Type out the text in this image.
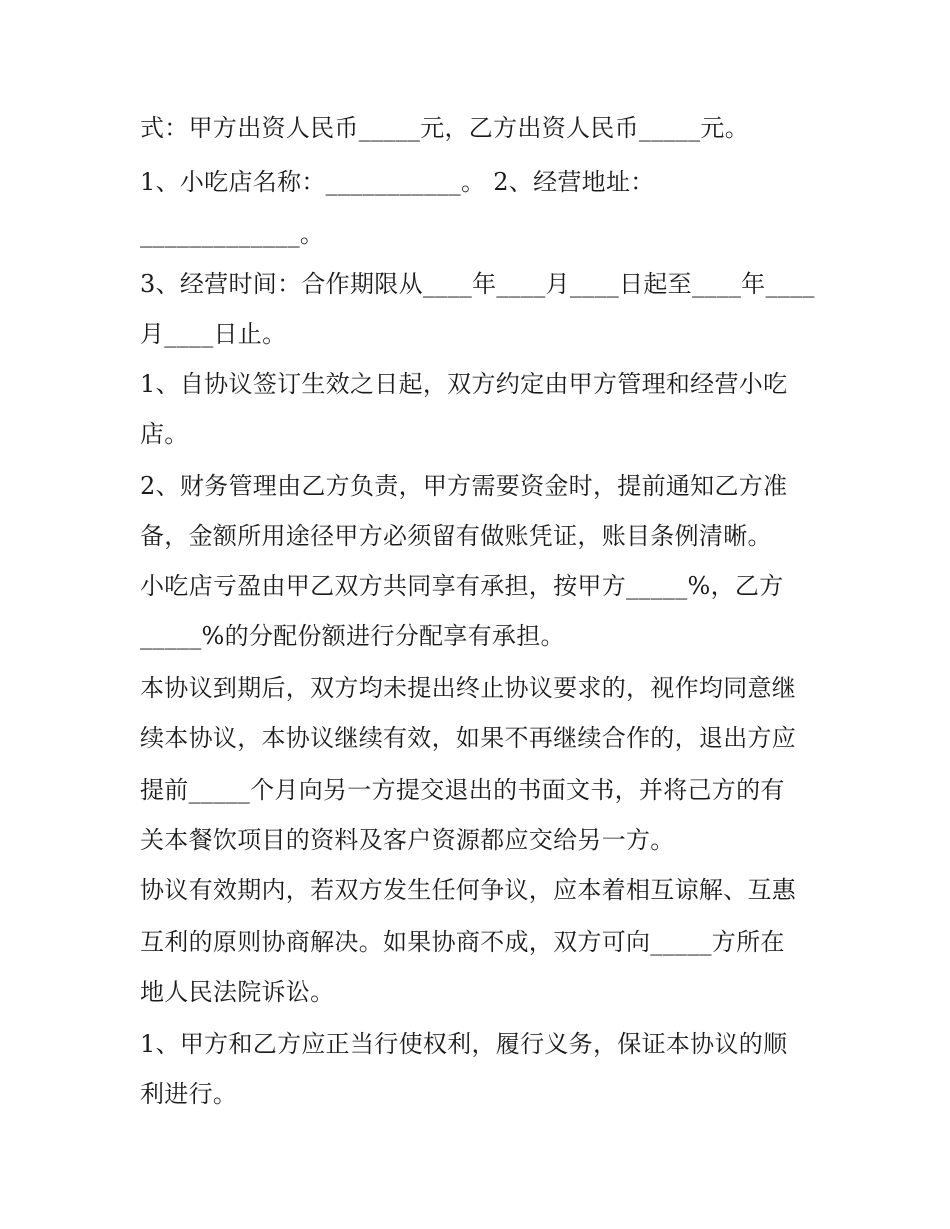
式：甲方出资人民币_____元，乙方出资人民币_____元。
1、小吃店名称：___________。 2、经营地址：
_____________。
3、经营时间：合作期限从____年____月____日起至____年____
月____日止。
1、自协议签订生效之日起，双方约定由甲方管理和经营小吃
店。
2、财务管理由乙方负责，甲方需要资金时，提前通知乙方准
备，金额所用途径甲方必须留有做账凭证，账目条例清晰。
小吃店亏盈由甲乙双方共同享有承担，按甲方_____%，乙方
_____%的分配份额进行分配享有承担。
本协议到期后，双方均未提出终止协议要求的，视作均同意继
续本协议，本协议继续有效，如果不再继续合作的，退出方应
提前_____个月向另一方提交退出的书面文书，并将己方的有
关本餐饮项目的资料及客户资源都应交给另一方。
协议有效期内，若双方发生任何争议，应本着相互谅解、互惠
互利的原则协商解决。如果协商不成，双方可向_____方所在
地人民法院诉讼。
1、甲方和乙方应正当行使权利，履行义务，保证本协议的顺
利进行。
